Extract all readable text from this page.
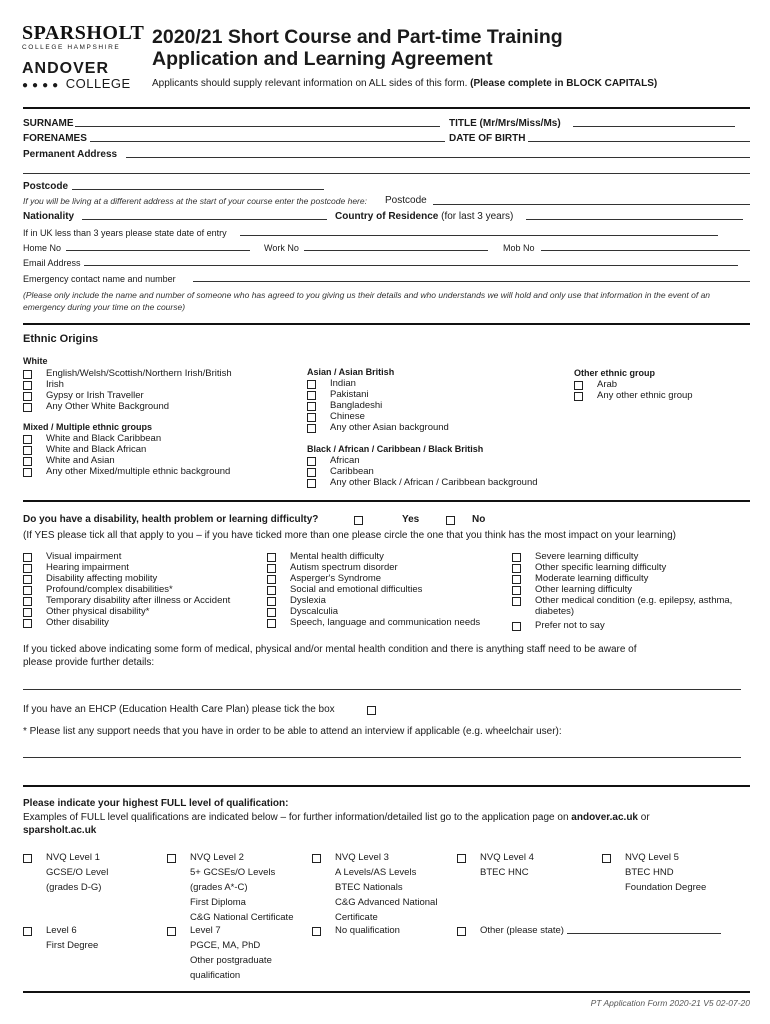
SPARSHOLT
COLLEGE HAMPSHIRE
ANDOVER
●●●● COLLEGE
2020/21 Short Course and Part-time Training
Application and Learning Agreement
Applicants should supply relevant information on ALL sides of this form. (Please complete in BLOCK CAPITALS)
SURNAME	TITLE (Mr/Mrs/Miss/Ms)
FORENAMES	DATE OF BIRTH
Permanent Address
Postcode
If you will be living at a different address at the start of your course enter the postcode here: Postcode
Nationality	Country of Residence (for last 3 years)
If in UK less than 3 years please state date of entry
Home No	Work No	Mob No
Email Address
Emergency contact name and number
(Please only include the name and number of someone who has agreed to you giving us their details and who understands we will hold and only use that information in the event of an emergency during your time on the course)
Ethnic Origins
White
English/Welsh/Scottish/Northern Irish/British
Irish
Gypsy or Irish Traveller
Any Other White Background
Mixed / Multiple ethnic groups
White and Black Caribbean
White and Black African
White and Asian
Any other Mixed/multiple ethnic background
Asian / Asian British
Indian
Pakistani
Bangladeshi
Chinese
Any other Asian background
Black / African / Caribbean / Black British
African
Caribbean
Any other Black / African / Caribbean background
Other ethnic group
Arab
Any other ethnic group
Do you have a disability, health problem or learning difficulty?	Yes	No
(If YES please tick all that apply to you – if you have ticked more than one please circle the one that you think has the most impact on your learning)
Visual impairment
Hearing impairment
Disability affecting mobility
Profound/complex disabilities*
Temporary disability after illness or Accident
Other physical disability*
Other disability
Mental health difficulty
Autism spectrum disorder
Asperger's Syndrome
Social and emotional difficulties
Dyslexia
Dyscalculia
Speech, language and communication needs
Severe learning difficulty
Other specific learning difficulty
Moderate learning difficulty
Other learning difficulty
Other medical condition (e.g. epilepsy, asthma,
diabetes)
Prefer not to say
If you ticked above indicating some form of medical, physical and/or mental health condition and there is anything staff need to be aware of
please provide further details:
If you have an EHCP (Education Health Care Plan) please tick the box
* Please list any support needs that you have in order to be able to attend an interview if applicable (e.g. wheelchair user):
Please indicate your highest FULL level of qualification:
Examples of FULL level qualifications are indicated below – for further information/detailed list go to the application page on andover.ac.uk or
sparsholt.ac.uk
NVQ Level 1
GCSE/O Level
(grades D-G)
NVQ Level 2
5+ GCSEs/O Levels
(grades A*-C)
First Diploma
C&G National Certificate
NVQ Level 3
A Levels/AS Levels
BTEC Nationals
C&G Advanced National
Certificate
NVQ Level 4
BTEC HNC
NVQ Level 5
BTEC HND
Foundation Degree
Level 6
First Degree
Level 7
PGCE, MA, PhD
Other postgraduate
qualification
No qualification	Other (please state)
PT Application Form 2020-21 V5 02-07-20
